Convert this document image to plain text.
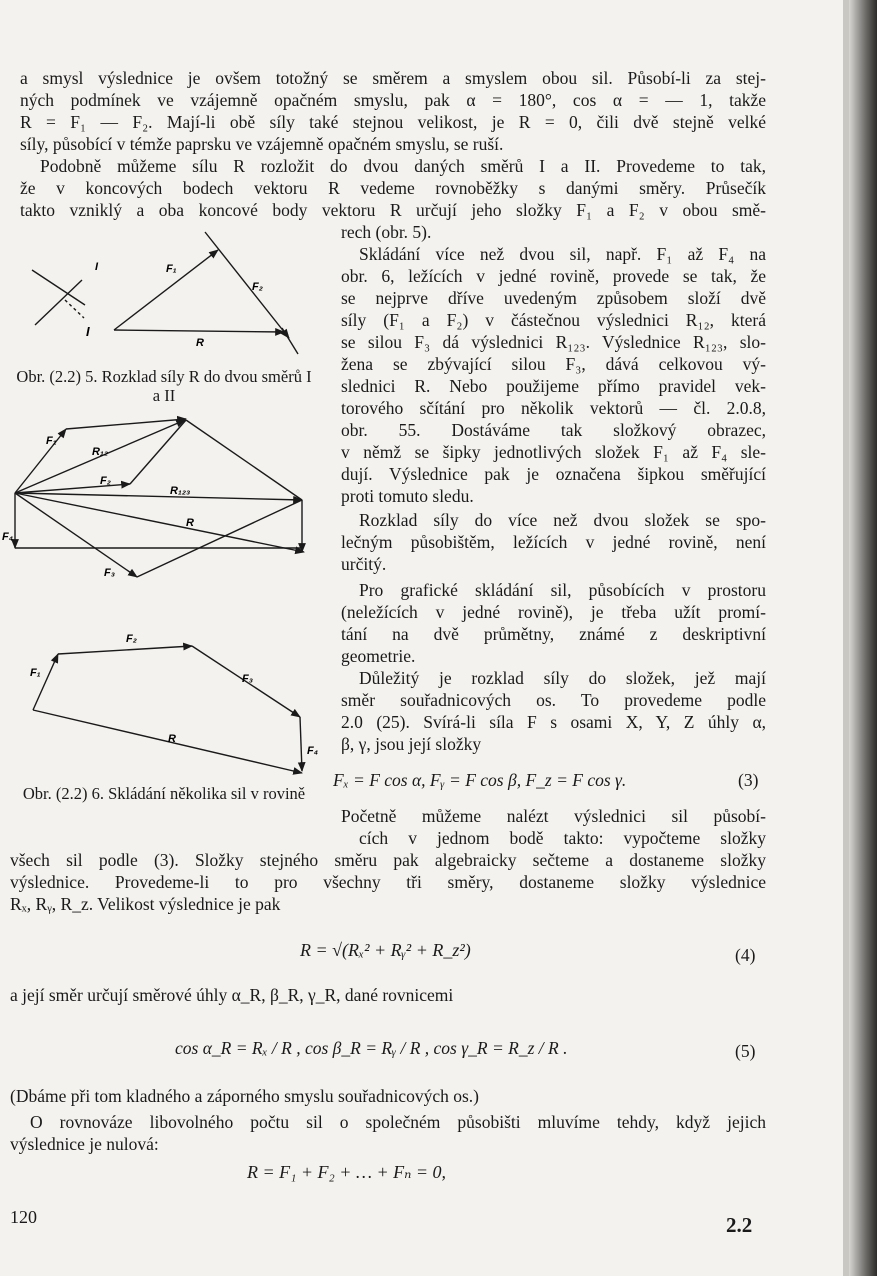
a smysl výslednice je ovšem totožný se směrem a smyslem obou sil. Působí-li za stej-
ných podmínek ve vzájemně opačném smyslu, pak α = 180°, cos α = — 1, takže
R = F₁ — F₂. Mají-li obě síly také stejnou velikost, je R = 0, čili dvě stejně velké
síly, působící v témže paprsku ve vzájemně opačném smyslu, se ruší.
Podobně můžeme sílu R rozložit do dvou daných směrů I a II. Provedeme to tak,
že v koncových bodech vektoru R vedeme rovnoběžky s danými směry. Průsečík
takto vzniklý a oba koncové body vektoru R určují jeho složky F₁ a F₂ v obou smě-
rech (obr. 5).
Skládání více než dvou sil, např. F₁ až F₄ na
obr. 6, ležících v jedné rovině, provede se tak, že
se nejprve dříve uvedeným způsobem složí dvě
síly (F₁ a F₂) v částečnou výslednici R₁₂, která
se silou F₃ dá výslednici R₁₂₃. Výslednice R₁₂₃, slo-
žena se zbývající silou F₃, dává celkovou vý-
slednici R. Nebo použijeme přímo pravidel vek-
torového sčítání pro několik vektorů — čl. 2.0.8,
obr. 55. Dostáváme tak složkový obrazec,
v němž se šipky jednotlivých složek F₁ až F₄ sle-
dují. Výslednice pak je označena šipkou směřující
proti tomuto sledu.
Rozklad síly do více než dvou složek se spo-
lečným působištěm, ležících v jedné rovině, není
určitý.
Pro grafické skládání sil, působících v prostoru
(neležících v jedné rovině), je třeba užít promí-
tání na dvě průmětny, známé z deskriptivní
geometrie.
Důležitý je rozklad síly do složek, jež mají
směr souřadnicových os. To provedeme podle
2.0 (25). Svírá-li síla F s osami X, Y, Z úhly α,
β, γ, jsou její složky
Fₓ = F cos α, Fᵧ = F cos β, F_z = F cos γ.	(3)
Početně můžeme nalézt výslednici sil působí-
cích v jednom bodě takto: vypočteme složky
všech sil podle (3). Složky stejného směru pak algebraicky sečteme a dostaneme složky
výslednice. Provedeme-li to pro všechny tři směry, dostaneme složky výslednice
Rₓ, Rᵧ, R_z. Velikost výslednice je pak
R = √(Rₓ² + Rᵧ² + R_z²)	(4)
a její směr určují směrové úhly α_R, β_R, γ_R, dané rovnicemi
cos α_R = Rₓ / R , cos β_R = Rᵧ / R , cos γ_R = R_z / R .	(5)
(Dbáme při tom kladného a záporného smyslu souřadnicových os.)
O rovnováze libovolného počtu sil o společném působišti mluvíme tehdy, když jejich
výslednice je nulová:
R = F₁ + F₂ + … + Fₙ = 0,
120	2.2
I
I
F₁
F₂
R
F₁
R₁₂
F₂
R₁₂₃
R
F₃
F₄
F₁
F₂
F₃
R
F₄
Obr. (2.2) 5. Rozklad síly R do dvou směrů I a II
Obr. (2.2) 6. Skládání několika sil v rovině
